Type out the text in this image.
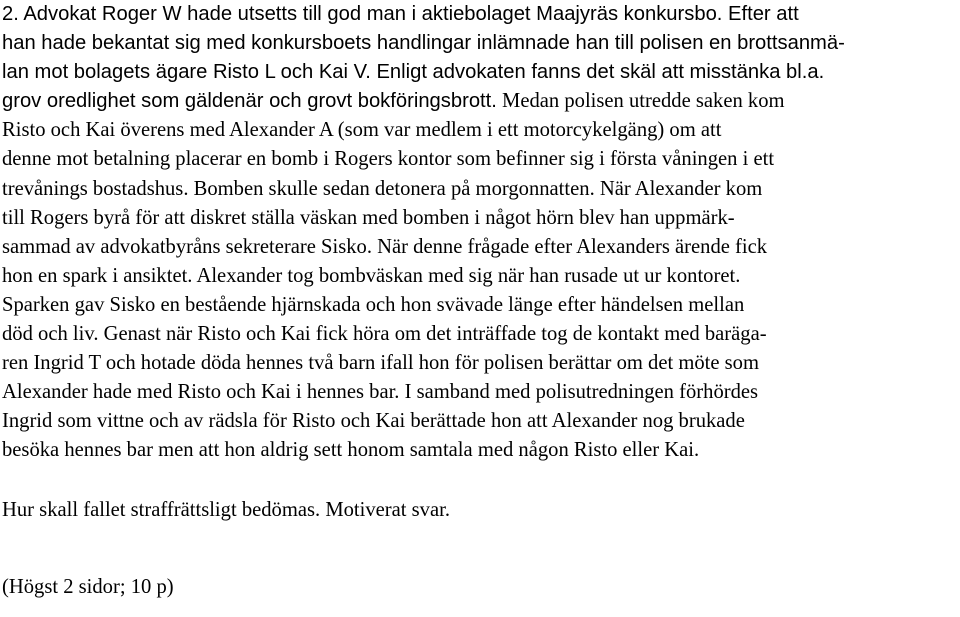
2. Advokat Roger W hade utsetts till god man i aktiebolaget Maajyräs konkursbo. Efter att
han hade bekantat sig med konkursboets handlingar inlämnade han till polisen en brottsanmä-
lan mot bolagets ägare Risto L och Kai V. Enligt advokaten fanns det skäl att misstänka bl.a.
grov oredlighet som gäldenär och grovt bokföringsbrott. Medan polisen utredde saken kom
Risto och Kai överens med Alexander A (som var medlem i ett motorcykelgäng) om att
denne mot betalning placerar en bomb i Rogers kontor som befinner sig i första våningen i ett
trevånings bostadshus. Bomben skulle sedan detonera på morgonnatten. När Alexander kom
till Rogers byrå för att diskret ställa väskan med bomben i något hörn blev han uppmärk-
sammad av advokatbyråns sekreterare Sisko. När denne frågade efter Alexanders ärende fick
hon en spark i ansiktet. Alexander tog bombväskan med sig när han rusade ut ur kontoret.
Sparken gav Sisko en bestående hjärnskada och hon svävade länge efter händelsen mellan
död och liv. Genast när Risto och Kai fick höra om det inträffade tog de kontakt med baräga-
ren Ingrid T och hotade döda hennes två barn ifall hon för polisen berättar om det möte som
Alexander hade med Risto och Kai i hennes bar. I samband med polisutredningen förhördes
Ingrid som vittne och av rädsla för Risto och Kai berättade hon att Alexander nog brukade
besöka hennes bar men att hon aldrig sett honom samtala med någon Risto eller Kai.
Hur skall fallet straffrättsligt bedömas. Motiverat svar.
(Högst 2 sidor; 10 p)
